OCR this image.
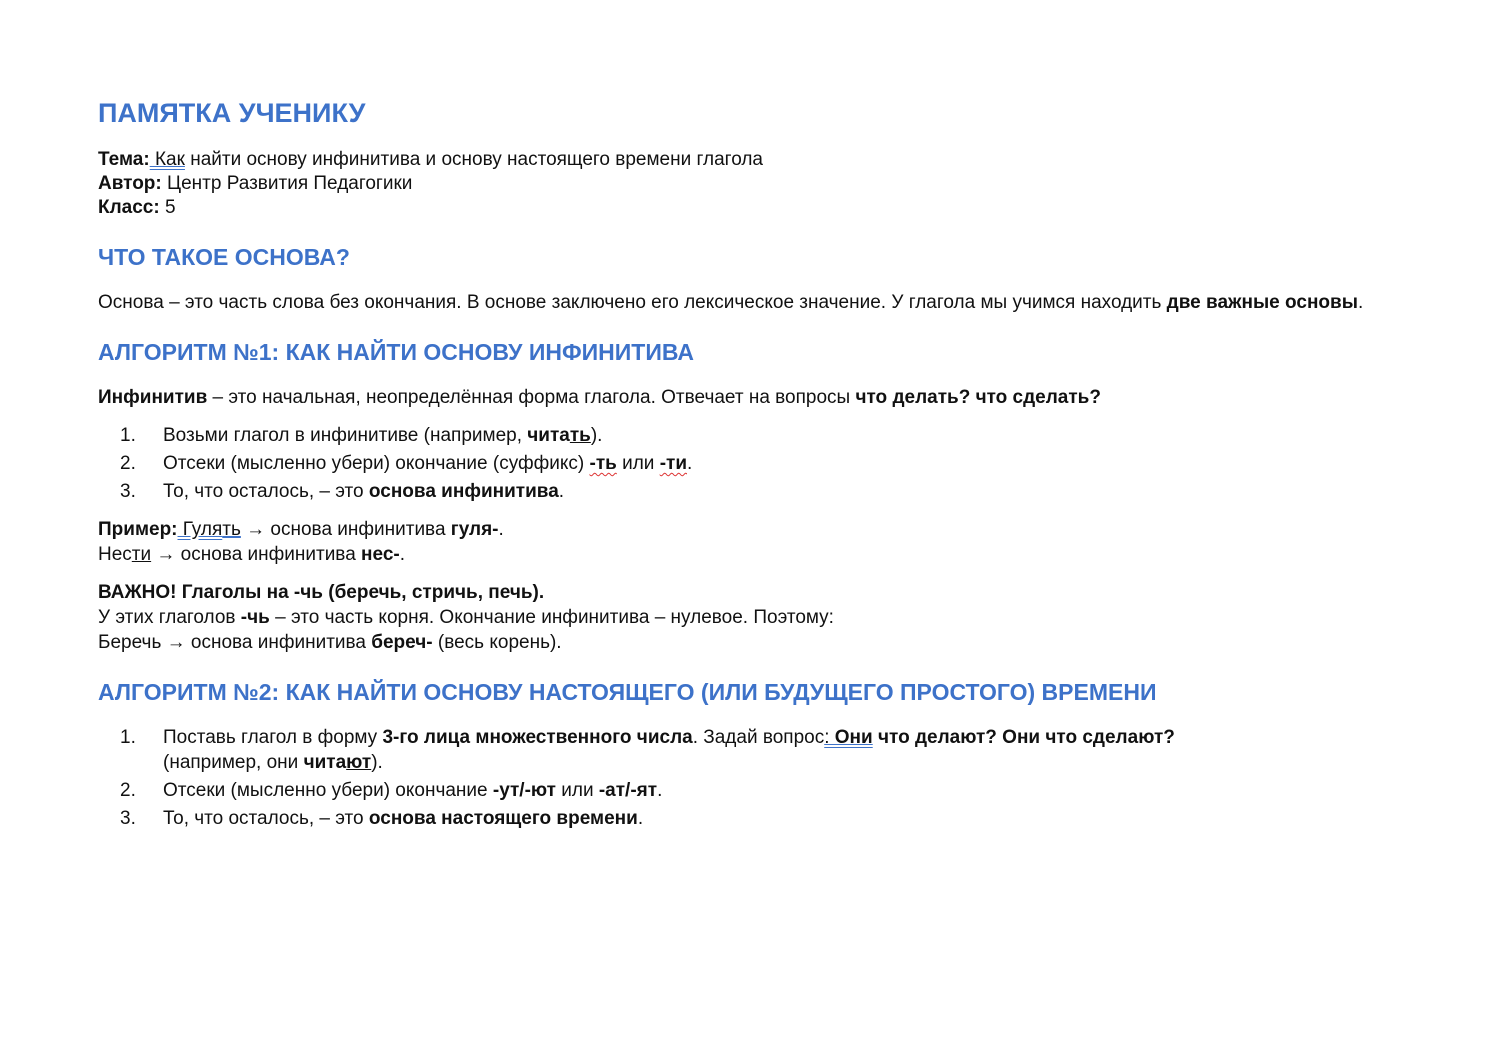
ПАМЯТКА УЧЕНИКУ

Тема: Как найти основу инфинитива и основу настоящего времени глагола

Автор: Центр Развития Педагогики

Класс: 5

ЧТО ТАКОЕ ОСНОВА?

Основа – это часть слова без окончания. В основе заключено его лексическое значение. У глагола мы учимся находить две важные основы.

АЛГОРИТМ №1: КАК НАЙТИ ОСНОВУ ИНФИНИТИВА

Инфинитив – это начальная, неопределённая форма глагола. Отвечает на вопросы что делать? что сделать?

1. Возьми глагол в инфинитиве (например, читать).
2. Отсеки (мысленно убери) окончание (суффикс) -ть или -ти.
3. То, что осталось, – это основа инфинитива.

Пример: Гулять → основа инфинитива гуля-.

Нести → основа инфинитива нес-.

ВАЖНО! Глаголы на -чь (беречь, стричь, печь).

У этих глаголов -чь – это часть корня. Окончание инфинитива – нулевое. Поэтому:

Беречь → основа инфинитива береч- (весь корень).

АЛГОРИТМ №2: КАК НАЙТИ ОСНОВУ НАСТОЯЩЕГО (ИЛИ БУДУЩЕГО ПРОСТОГО) ВРЕМЕНИ
1. Поставь глагол в форму 3-го лица множественного числа. Задай вопрос: Они что делают? Они что сделают?
(например, они читают).
2. Отсеки (мысленно убери) окончание -ут/-ют или -ат/-ят.
3. То, что осталось, – это основа настоящего времени.
